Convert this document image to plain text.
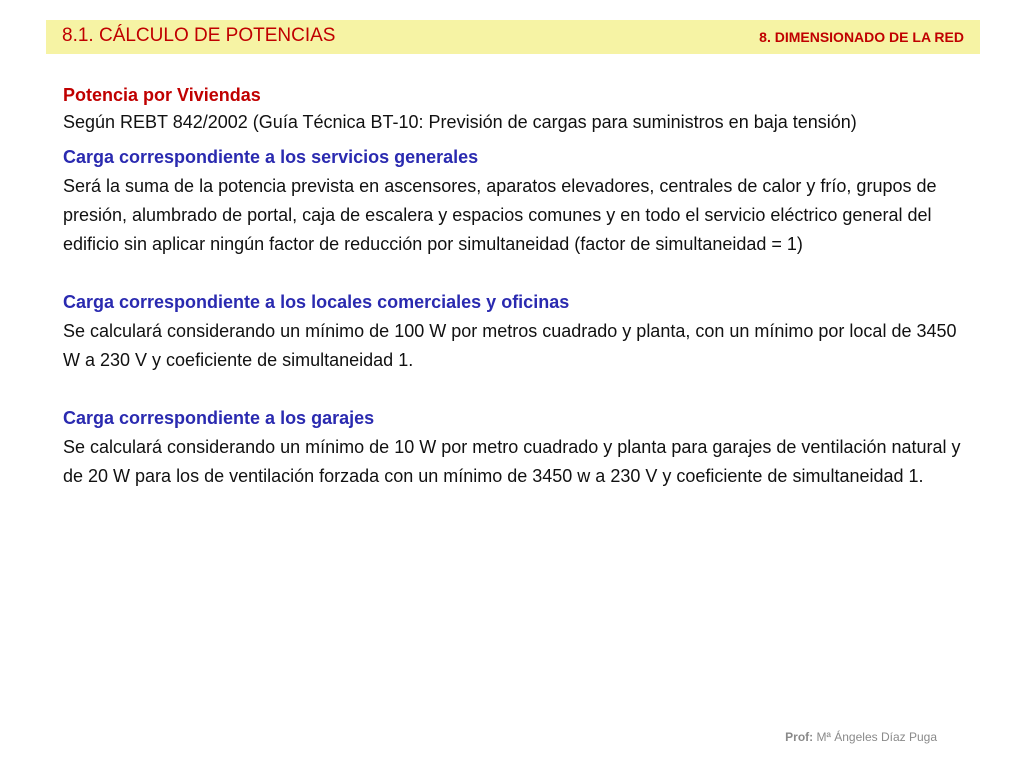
8.1. CÁLCULO DE POTENCIAS	8. DIMENSIONADO DE LA RED

Potencia por Viviendas

Según REBT 842/2002 (Guía Técnica BT-10: Previsión de cargas para suministros en baja tensión)

Carga correspondiente a los servicios generales

Será la suma de la potencia prevista en ascensores, aparatos elevadores, centrales de calor y frío, grupos de presión, alumbrado de portal, caja de escalera y espacios comunes y en todo el servicio eléctrico general del edificio sin aplicar ningún factor de reducción por simultaneidad (factor de simultaneidad = 1)

Carga correspondiente a los locales comerciales y oficinas

Se calculará considerando un mínimo de 100 W por metros cuadrado y planta, con un mínimo por local de 3450 W a 230 V y coeficiente de simultaneidad 1.

Carga correspondiente a los garajes

Se calculará considerando un mínimo de 10 W por metro cuadrado y planta para garajes de ventilación natural y de 20 W para los de ventilación forzada con un mínimo de 3450 w a 230 V y coeficiente de simultaneidad 1.

Prof: Mª Ángeles Díaz Puga
